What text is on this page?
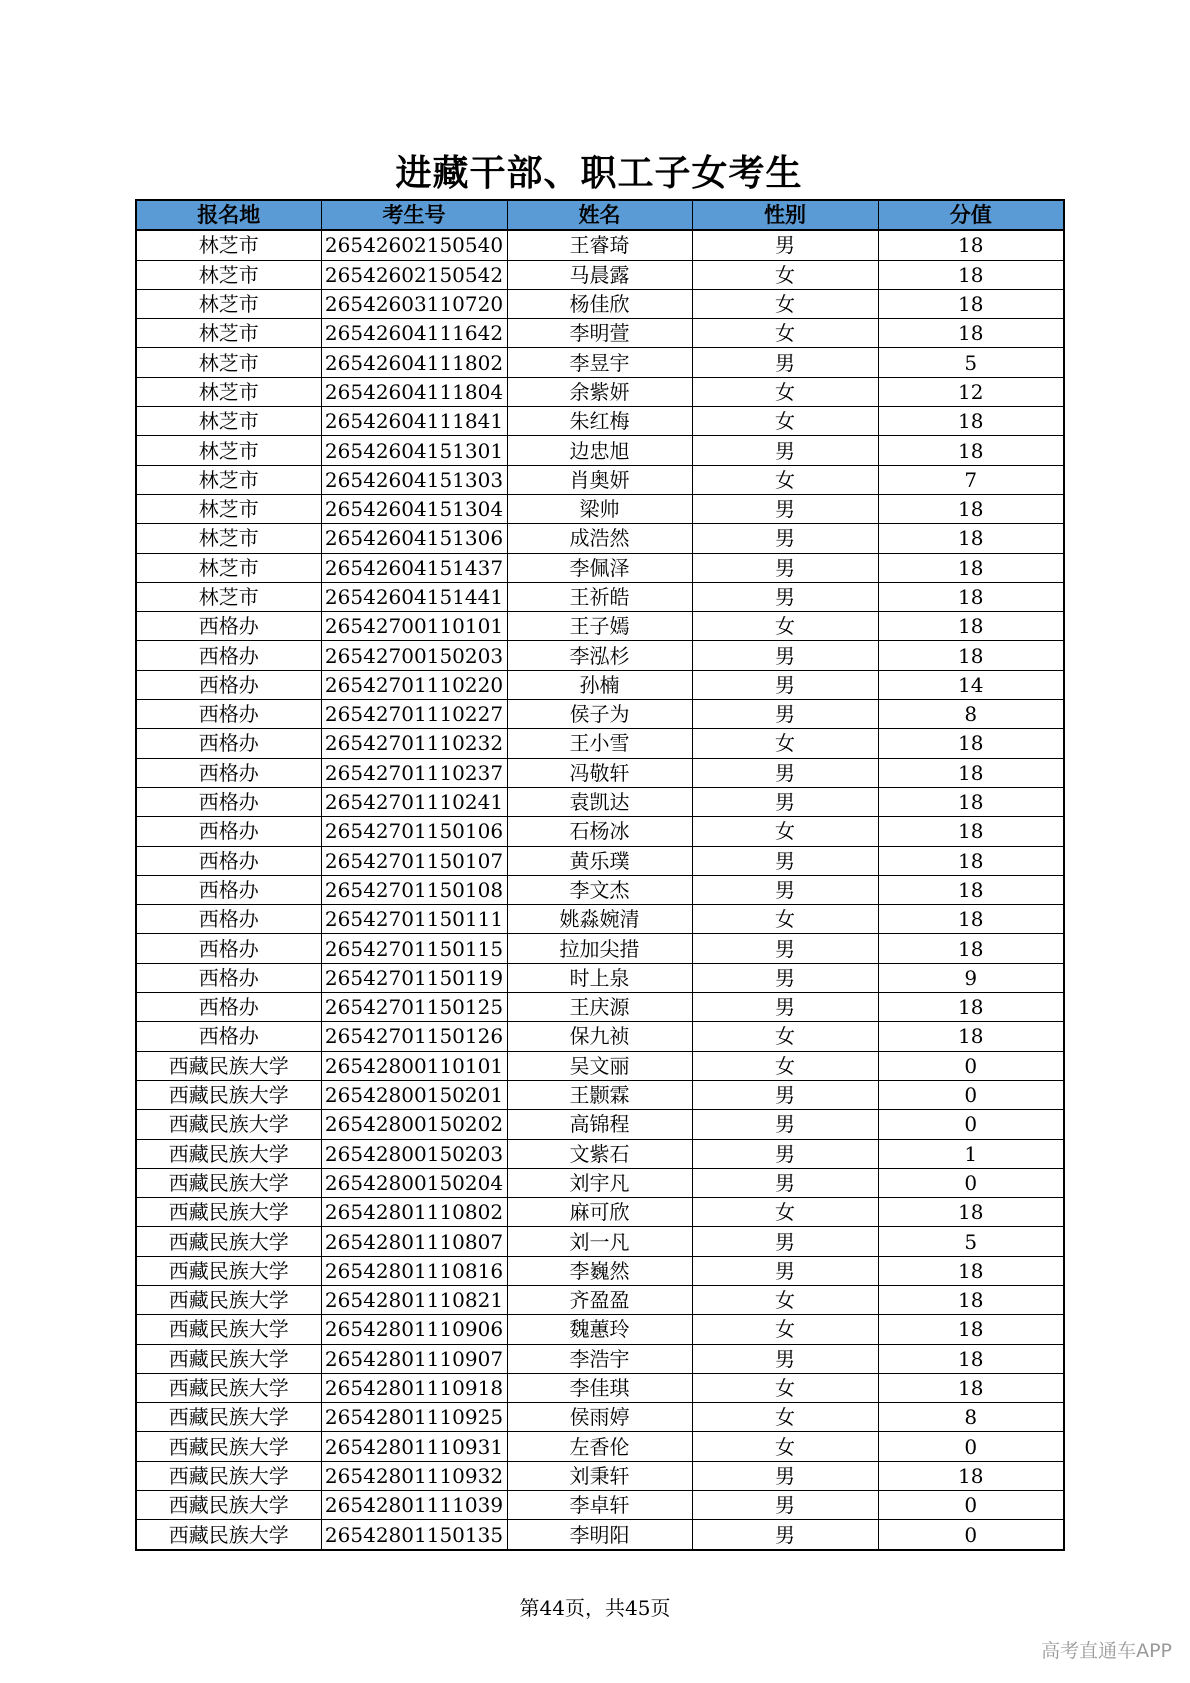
进藏干部、职工子女考生
报名地	考生号	姓名	性别	分值
林芝市	26542602150540	王睿琦	男	18
林芝市	26542602150542	马晨露	女	18
林芝市	26542603110720	杨佳欣	女	18
林芝市	26542604111642	李明萱	女	18
林芝市	26542604111802	李昱宇	男	5
林芝市	26542604111804	余紫妍	女	12
林芝市	26542604111841	朱红梅	女	18
林芝市	26542604151301	边忠旭	男	18
林芝市	26542604151303	肖奥妍	女	7
林芝市	26542604151304	梁帅	男	18
林芝市	26542604151306	成浩然	男	18
林芝市	26542604151437	李佩泽	男	18
林芝市	26542604151441	王祈皓	男	18
西格办	26542700110101	王子嫣	女	18
西格办	26542700150203	李泓杉	男	18
西格办	26542701110220	孙楠	男	14
西格办	26542701110227	侯子为	男	8
西格办	26542701110232	王小雪	女	18
西格办	26542701110237	冯敬轩	男	18
西格办	26542701110241	袁凯达	男	18
西格办	26542701150106	石杨冰	女	18
西格办	26542701150107	黄乐璞	男	18
西格办	26542701150108	李文杰	男	18
西格办	26542701150111	姚淼婉清	女	18
西格办	26542701150115	拉加尖措	男	18
西格办	26542701150119	时上泉	男	9
西格办	26542701150125	王庆源	男	18
西格办	26542701150126	保九祯	女	18
西藏民族大学	26542800110101	吴文丽	女	0
西藏民族大学	26542800150201	王颢霖	男	0
西藏民族大学	26542800150202	高锦程	男	0
西藏民族大学	26542800150203	文紫石	男	1
西藏民族大学	26542800150204	刘宇凡	男	0
西藏民族大学	26542801110802	麻可欣	女	18
西藏民族大学	26542801110807	刘一凡	男	5
西藏民族大学	26542801110816	李巍然	男	18
西藏民族大学	26542801110821	齐盈盈	女	18
西藏民族大学	26542801110906	魏蕙玲	女	18
西藏民族大学	26542801110907	李浩宇	男	18
西藏民族大学	26542801110918	李佳琪	女	18
西藏民族大学	26542801110925	侯雨婷	女	8
西藏民族大学	26542801110931	左香伦	女	0
西藏民族大学	26542801110932	刘秉轩	男	18
西藏民族大学	26542801111039	李卓轩	男	0
西藏民族大学	26542801150135	李明阳	男	0
第44页，共45页
高考直通车APP
